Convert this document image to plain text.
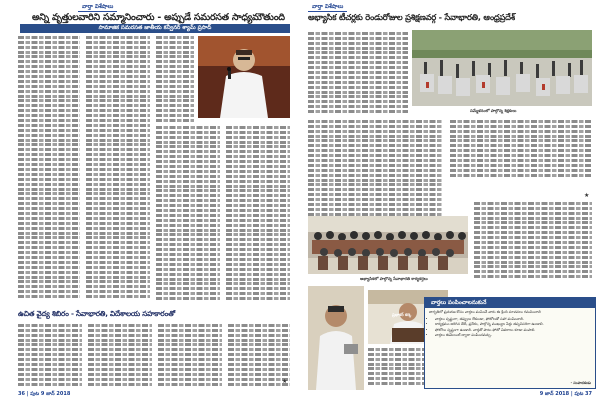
వార్తా విశేషాలు
అన్ని వృత్తులవారిని సమ్మానించారు - అప్పుడే సమరసత సాధ్యమౌతుంది
సామాజిక సమరసత జాతీయ కన్వీనర్ శ్యామ్ ప్రసాద్
ఉచిత వైద్య శిబిరం - సేవాభారతి, విదేశాలయ సహకారంతో
★
36 | పుట 9 జాన్ 2018
వార్తా విశేషాలు
అభ్యాసిక టీచర్లకు రెండురోజుల ప్రశిక్షణవర్గ - సేవాభారతి, ఆంధ్రప్రదేశ్
సమ్మేళనంలో పాల్గొన్న శిక్షకులు
★
అభ్యాసికలో పాల్గొన్న సేవాభారతి కార్యకర్తలు
ప్రభాకర్ కర్క
9 జాన్ 2018 | పుట 37
వార్తలు పంపించాలనుకునే
జాగృతిలో ప్రచురణ కోసం వార్తలు పంపించే వారు ఈ క్రింది సూచనలు గమనించాలి
• వార్తలు స్పష్టంగా, తప్పులు లేకుండా, ఫోటోలతో సహా పంపించాలి.
• కార్యక్రమం జరిగిన తేదీ, ప్రదేశం, పాల్గొన్న ముఖ్యుల పేర్లు తప్పనిసరిగా ఉండాలి.
• ఫోటోలు స్పష్టంగా ఉండాలి. వార్తతో పాటు ఫోటో వివరాలు కూడా పంపాలి.
• వార్తలు ఈమెయిల్ ద్వారా పంపించవచ్చు.
- సంపాదకుడు
